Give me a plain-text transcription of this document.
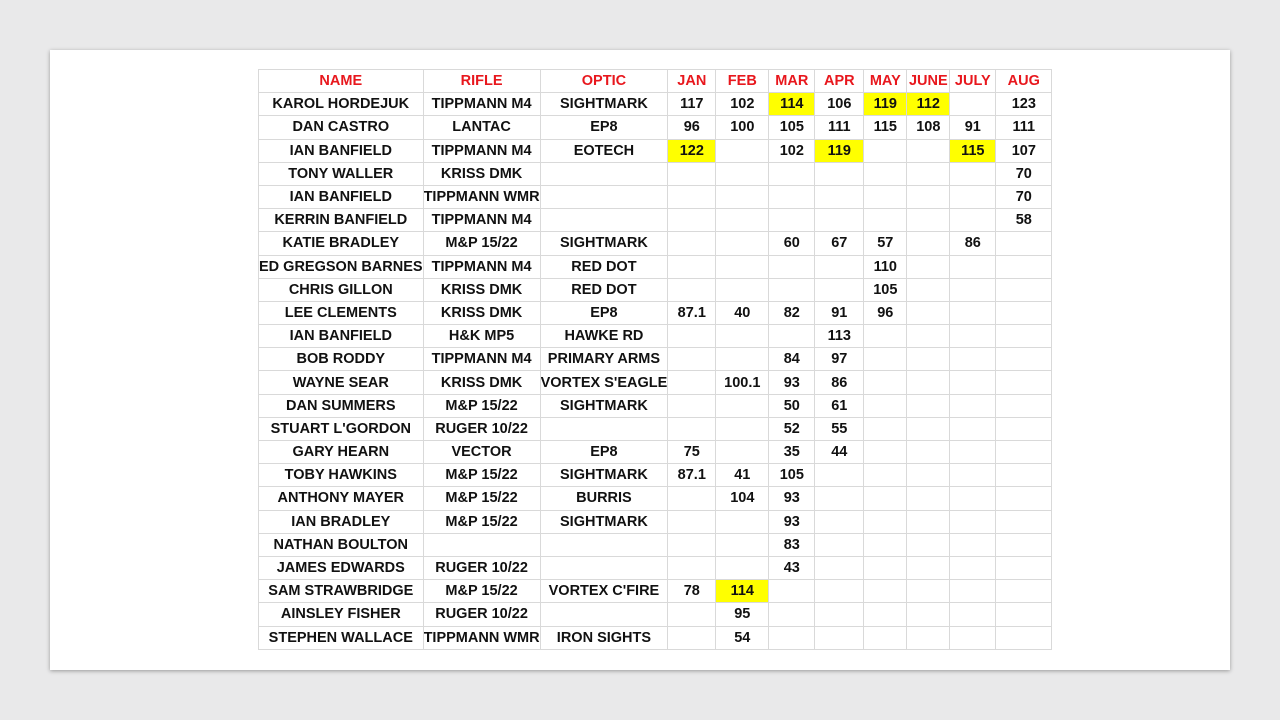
NAME	RIFLE	OPTIC	JAN	FEB	MAR	APR	MAY	JUNE	JULY	AUG
KAROL HORDEJUK	TIPPMANN M4	SIGHTMARK	117	102	114	106	119	112		123
DAN CASTRO	LANTAC	EP8	96	100	105	111	115	108	91	111
IAN BANFIELD	TIPPMANN M4	EOTECH	122		102	119			115	107
TONY WALLER	KRISS DMK									70
IAN BANFIELD	TIPPMANN WMR									70
KERRIN BANFIELD	TIPPMANN M4									58
KATIE BRADLEY	M&P 15/22	SIGHTMARK			60	67	57		86	
ED GREGSON BARNES	TIPPMANN M4	RED DOT					110			
CHRIS GILLON	KRISS DMK	RED DOT					105			
LEE CLEMENTS	KRISS DMK	EP8	87.1	40	82	91	96			
IAN BANFIELD	H&K MP5	HAWKE RD				113				
BOB RODDY	TIPPMANN M4	PRIMARY ARMS			84	97				
WAYNE SEAR	KRISS DMK	VORTEX S'EAGLE		100.1	93	86				
DAN SUMMERS	M&P 15/22	SIGHTMARK			50	61				
STUART L'GORDON	RUGER 10/22				52	55				
GARY HEARN	VECTOR	EP8	75		35	44				
TOBY HAWKINS	M&P 15/22	SIGHTMARK	87.1	41	105					
ANTHONY MAYER	M&P 15/22	BURRIS		104	93					
IAN BRADLEY	M&P 15/22	SIGHTMARK			93					
NATHAN BOULTON					83					
JAMES EDWARDS	RUGER 10/22				43					
SAM STRAWBRIDGE	M&P 15/22	VORTEX C'FIRE	78	114						
AINSLEY FISHER	RUGER 10/22			95						
STEPHEN WALLACE	TIPPMANN WMR	IRON SIGHTS		54						
